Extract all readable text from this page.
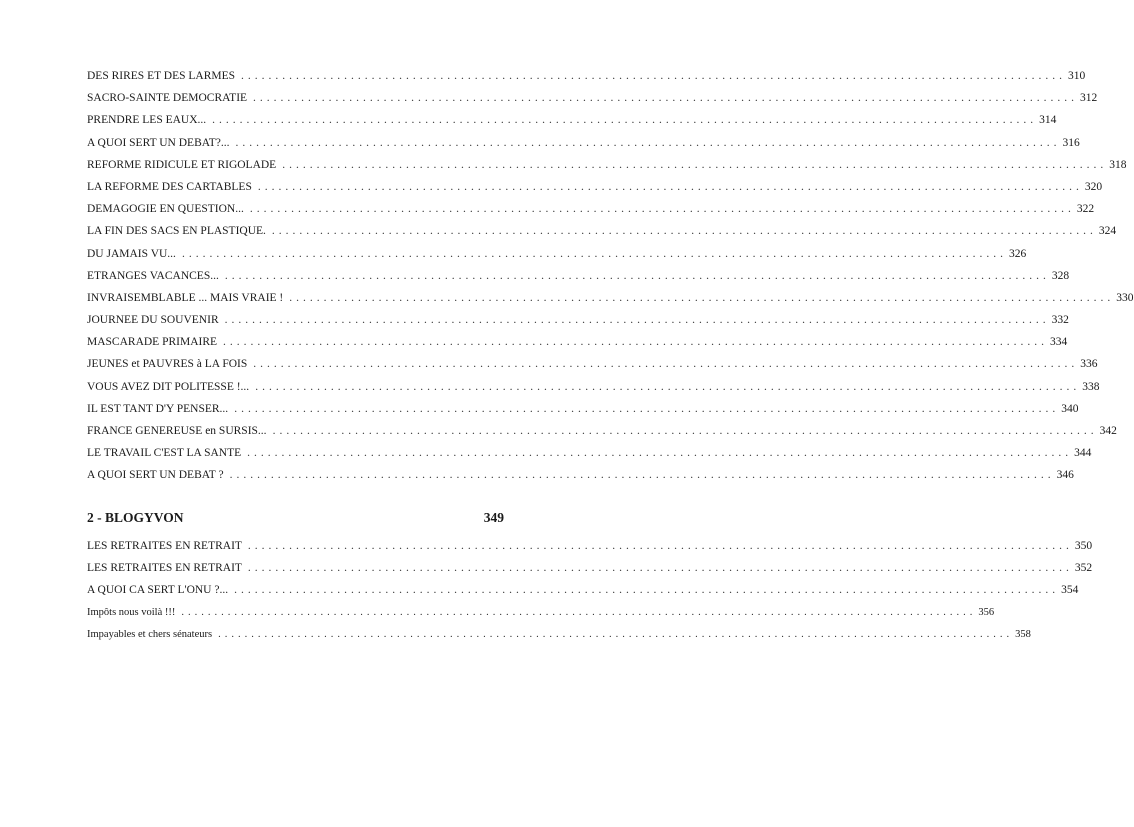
DES RIRES ET DES LARMES ........................................................................................................................ 310
SACRO-SAINTE DEMOCRATIE ........................................................................................................................ 312
PRENDRE LES EAUX... ........................................................................................................................ 314
A QUOI SERT UN DEBAT?... ........................................................................................................................ 316
REFORME RIDICULE ET RIGOLADE ........................................................................................................................ 318
LA REFORME DES CARTABLES ........................................................................................................................ 320
DEMAGOGIE EN QUESTION... ........................................................................................................................ 322
LA FIN DES SACS EN PLASTIQUE. ........................................................................................................................ 324
DU JAMAIS VU... ........................................................................................................................ 326
ETRANGES VACANCES... ........................................................................................................................ 328
INVRAISEMBLABLE ... MAIS VRAIE ! ........................................................................................................................ 330
JOURNEE DU SOUVENIR ........................................................................................................................ 332
MASCARADE PRIMAIRE ........................................................................................................................ 334
JEUNES et PAUVRES à LA FOIS ........................................................................................................................ 336
VOUS AVEZ DIT POLITESSE !... ........................................................................................................................ 338
IL EST TANT D'Y PENSER... ........................................................................................................................ 340
FRANCE GENEREUSE en SURSIS... ........................................................................................................................ 342
LE TRAVAIL C'EST LA SANTE ........................................................................................................................ 344
A QUOI SERT UN DEBAT ? ........................................................................................................................ 346
2 - BLOGYVON	349
LES RETRAITES EN RETRAIT ........................................................................................................................ 350
LES RETRAITES EN RETRAIT ........................................................................................................................ 352
A QUOI CA SERT L'ONU ?... ........................................................................................................................ 354
Impôts nous voilà !!! ........................................................................................................................ 356
Impayables et chers sénateurs ........................................................................................................................ 358
